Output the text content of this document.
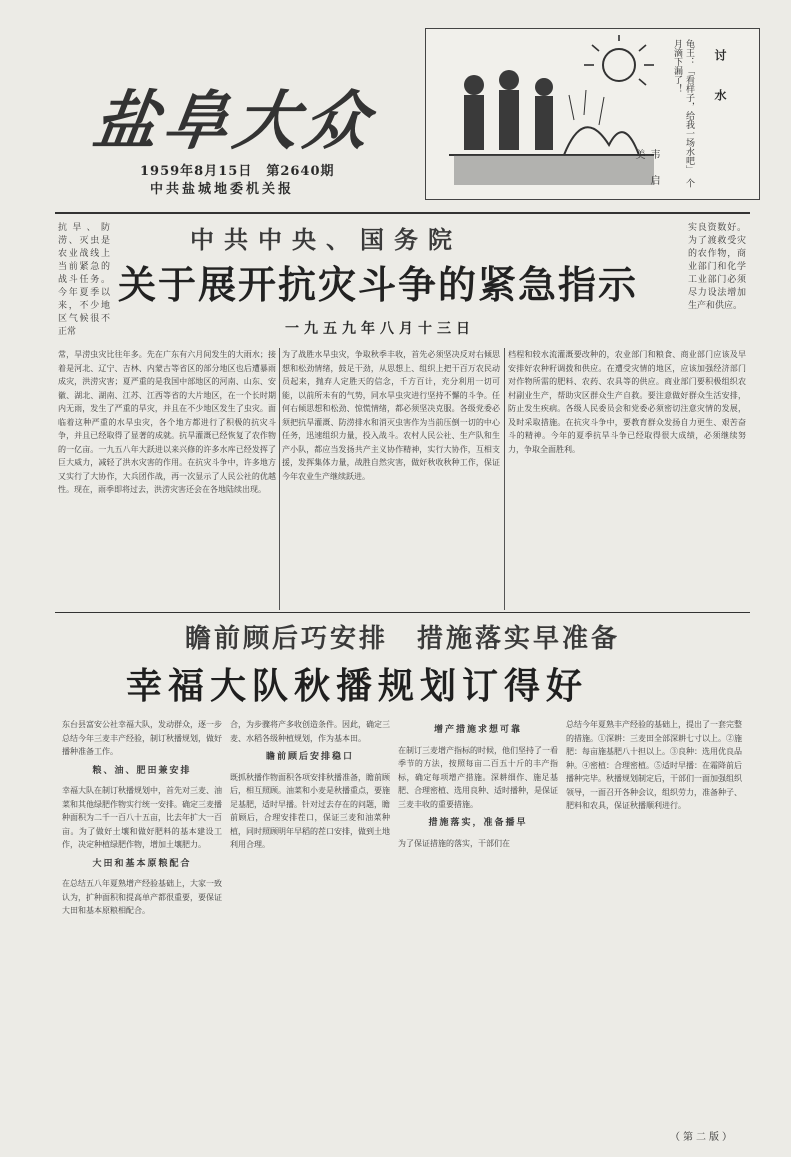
盐阜大众
1959年8月15日　第2640期
中共盐城地委机关报
龟王：「看样子，给我一场水吧」　个月滴下漏了！	讨　水
韦　启　美
抗旱、防涝、灭虫是农业战线上当前紧急的战斗任务。今年夏季以来，不少地区气候很不正常
中共中央、国务院
关于展开抗灾斗争的紧急指示
一九五九年八月十三日
实良资数好。为了渡救受灾的农作物，商业部门和化学工业部门必须尽力设法增加生产和供应。
常，旱涝虫灾比往年多。先在广东有六月间发生的大雨水；接着是河北、辽宁、吉林、内蒙古等省区的部分地区也后遭暴雨成灾，洪涝灾害；夏严重的是我国中部地区的河南、山东、安徽、湖北、湖南、江苏、江西等省的大片地区，在一个长时期内无雨，发生了严重的旱灾，并且在不少地区发生了虫灾。面临着这种严重的水旱虫灾，各个地方都进行了积极的抗灾斗争，并且已经取得了显著的成就。抗旱灌溉已经恢复了农作物的一亿亩。一九五八年大跃进以来兴修的许多水库已经发挥了巨大威力，减轻了洪水灾害的作用。在抗灾斗争中，许多地方又实行了大协作，大兵团作战，再一次显示了人民公社的优越性。现在，雨季即将过去，洪涝灾害还会在各地陆续出现。
为了战胜水旱虫灾，争取秋季丰收，首先必须坚决反对右倾思想和松劲情绪，鼓足干劲，从思想上、组织上把干百万农民动员起来，抛弃人定胜天的信念，千方百计，充分利用一切可能，以前所未有的气势，同水旱虫灾进行坚持不懈的斗争。任何右倾思想和松劲、惊慌情绪，都必须坚决克服。各级党委必须把抗旱灌溉、防涝排水和消灭虫害作为当前压倒一切的中心任务，迅速组织力量，投入战斗。农村人民公社、生产队和生产小队，都应当发扬共产主义协作精神，实行大协作，互相支援，发挥集体力量，战胜自然灾害，做好秋收秋种工作，保证今年农业生产继续跃进。
档程和较水流灌溉要改种的，农业部门和粮食、商业部门应该及早安排好农种籽调拨和供应。在遭受灾情的地区，应该加强经济部门对作物所需的肥料、农药、农具等的供应。商业部门要积极组织农村副业生产，帮助灾区群众生产自救。要注意做好群众生活安排，防止发生疾病。各级人民委员会和党委必须密切注意灾情的发展，及时采取措施。在抗灾斗争中，要教育群众发扬自力更生、艰苦奋斗的精神。今年的夏季抗旱斗争已经取得很大成绩，必须继续努力，争取全面胜利。
瞻前顾后巧安排　措施落实早准备
幸福大队秋播规划订得好
东台县富安公社幸福大队，发动群众，逐一步总结今年三麦丰产经验，制订秋播规划，做好播种准备工作。
粮、油、肥田兼安排
幸福大队在制订秋播规划中，首先对三麦、油菜和其他绿肥作物实行统一安排。确定三麦播种面积为二千一百八十五亩，比去年扩大一百亩。为了做好土壤和做好肥料的基本建设工作，决定种植绿肥作物，增加土壤肥力。
大田和基本原粮配合
在总结五八年夏熟增产经验基础上，大家一致认为，扩种面积和提高单产都很重要，要保证大田和基本原粮相配合。
合，为步骤将产多收创造条件。因此，确定三麦、水稻各级种植规划，作为基本田。
瞻前顾后安排稳口
既抓秋播作物面积各项安排秋播准备，瞻前顾后，相互照顾。油菜和小麦是秋播重点，要施足基肥，适时早播。针对过去存在的问题，瞻前顾后，合理安排茬口，保证三麦和油菜种植，同时照顾明年早稻的茬口安排，做到土地利用合理。
增产措施求想可靠
在制订三麦增产指标的时候，他们坚持了一看季节的方法，按照每亩二百五十斤的丰产指标，确定每项增产措施。深耕细作、施足基肥、合理密植、选用良种、适时播种，是保证三麦丰收的重要措施。
措施落实，准备播早
为了保证措施的落实，干部们在
总结今年夏熟丰产经验的基础上，提出了一套完整的措施。①深耕：三麦田全部深耕七寸以上。②施肥：每亩施基肥八十担以上。③良种：选用优良品种。④密植：合理密植。⑤适时早播：在霜降前后播种完毕。秋播规划制定后，干部们一面加强组织领导，一面召开各种会议，组织劳力，准备种子、肥料和农具，保证秋播顺利进行。
（第二版）
